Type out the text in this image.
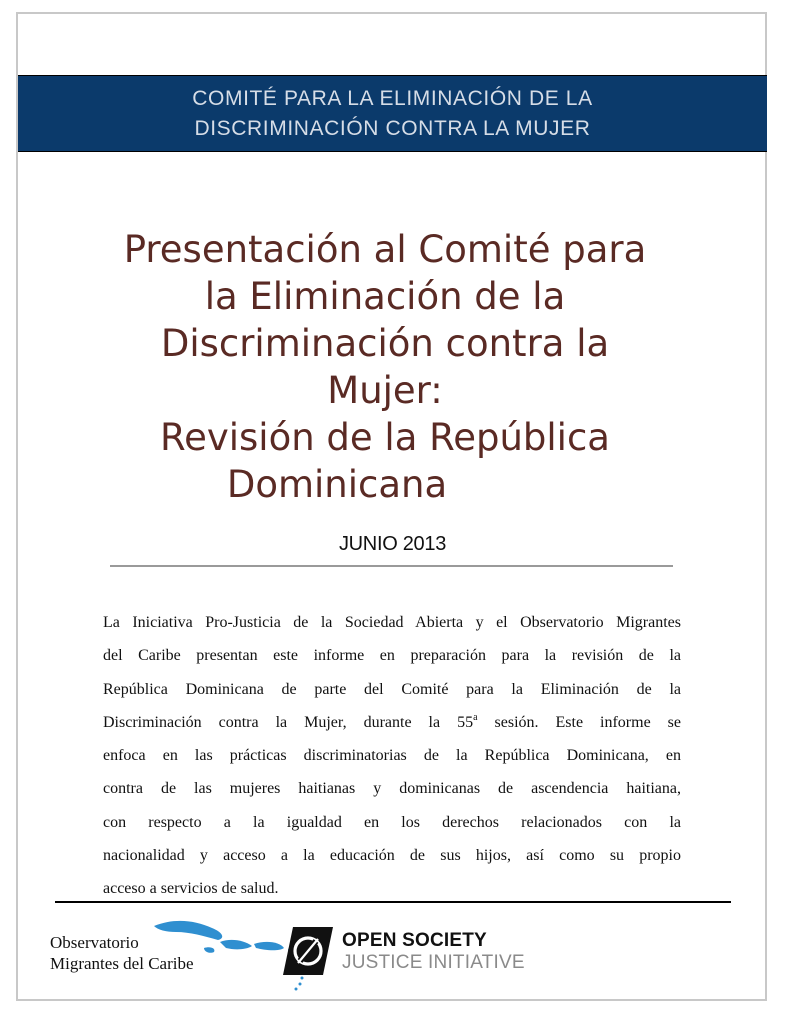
COMITÉ PARA LA ELIMINACIÓN DE LA
DISCRIMINACIÓN CONTRA LA MUJER
Presentación al Comité para
la Eliminación de la
Discriminación contra la
Mujer:
Revisión de la República
Dominicana
JUNIO 2013
La Iniciativa Pro-Justicia de la Sociedad Abierta y el Observatorio Migrantes
del Caribe presentan este informe en preparación para la revisión de la
República Dominicana de parte del Comité para la Eliminación de la
Discriminación contra la Mujer, durante la 55$^a$ sesión. Este informe se
enfoca en las prácticas discriminatorias de la República Dominicana, en
contra de las mujeres haitianas y dominicanas de ascendencia haitiana,
con respecto a la igualdad en los derechos relacionados con la
nacionalidad y acceso a la educación de sus hijos, así como su propio
acceso a servicios de salud.
Observatorio
Migrantes del Caribe
OPEN SOCIETY
JUSTICE INITIATIVE
